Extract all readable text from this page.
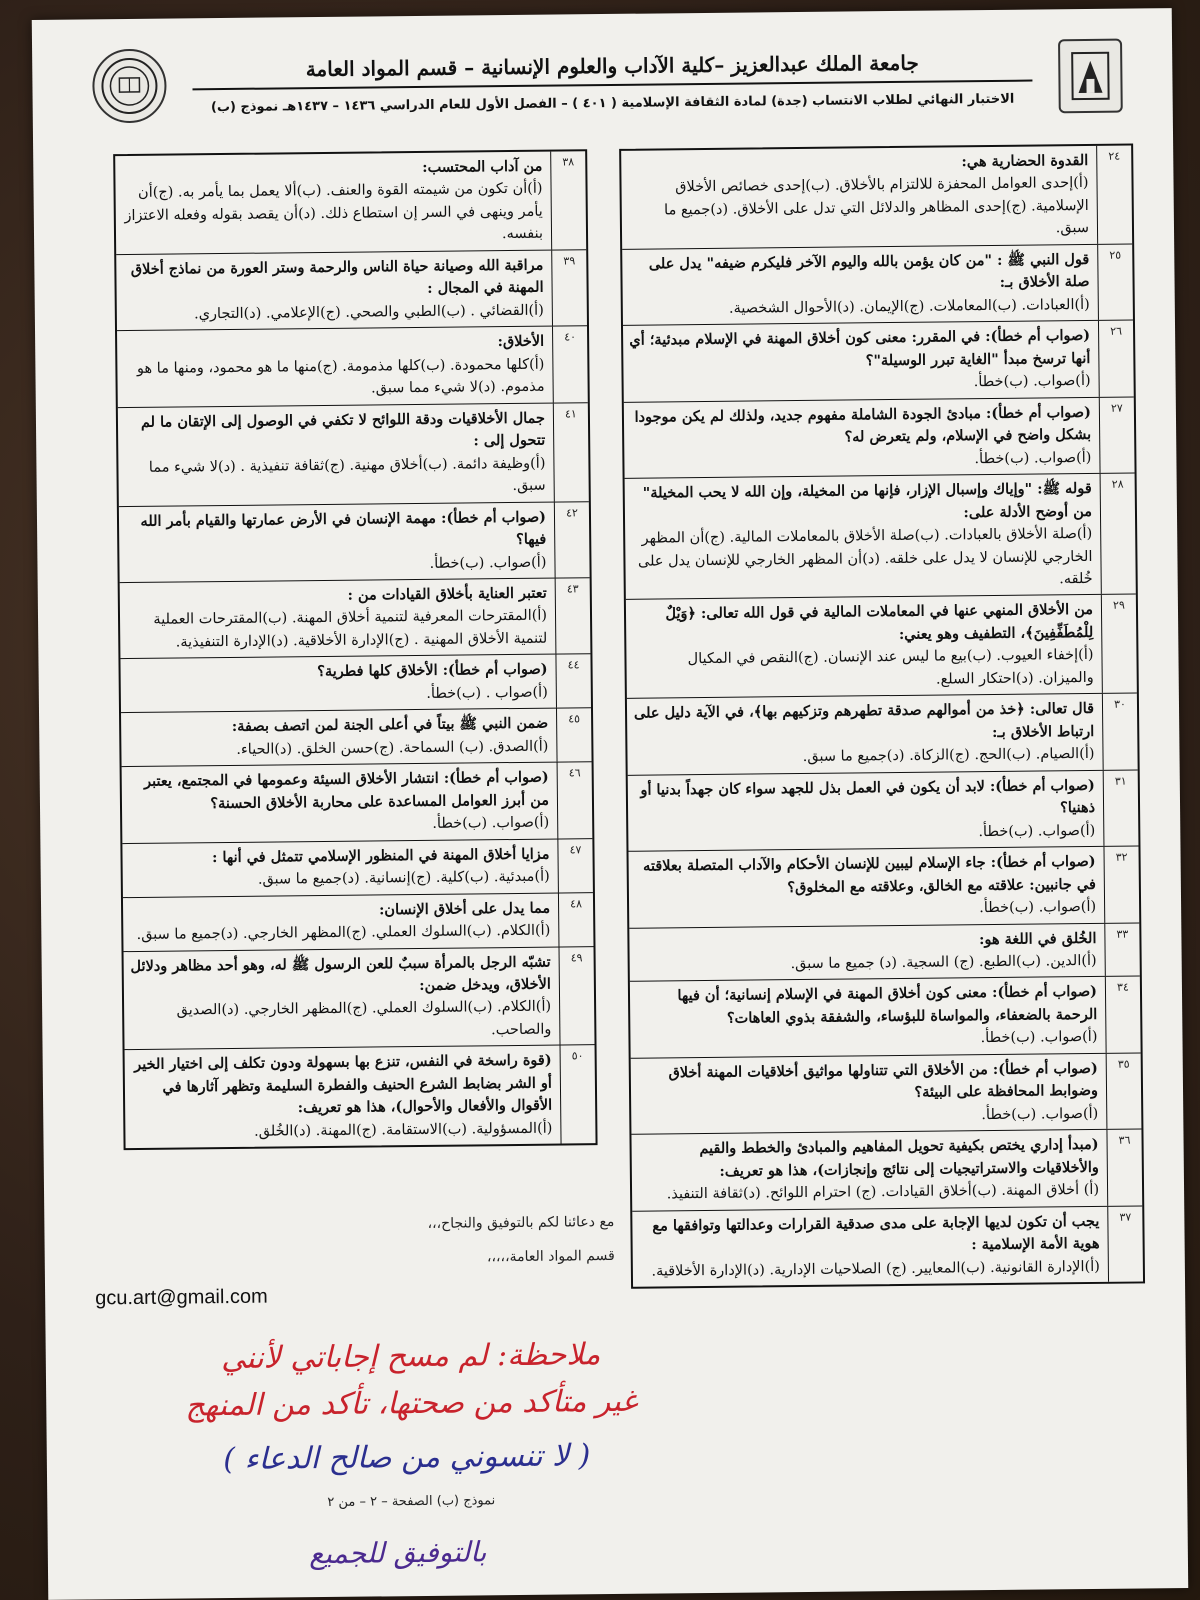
جامعة الملك عبدالعزيز –كلية الآداب والعلوم الإنسانية – قسم المواد العامة
الاختبار النهائي لطلاب الانتساب (جدة) لمادة الثقافة الإسلامية ( ٤٠١ ) – الفصل الأول للعام الدراسي ١٤٣٦ – ١٤٣٧هـ نموذج (ب)
٢٤
القدوة الحضارية هي:
(أ)إحدى العوامل المحفزة للالتزام بالأخلاق. (ب)إحدى خصائص الأخلاق الإسلامية. (ج)إحدى المظاهر والدلائل التي تدل على الأخلاق. (د)جميع ما سبق.
٢٥
قول النبي ﷺ : "من كان يؤمن بالله واليوم الآخر فليكرم ضيفه" يدل على صلة الأخلاق بـ:
(أ)العبادات. (ب)المعاملات. (ج)الإيمان. (د)الأحوال الشخصية.
٢٦
(صواب أم خطأ): في المقرر: معنى كون أخلاق المهنة في الإسلام مبدئية؛ أي أنها ترسخ مبدأ "الغاية تبرر الوسيلة"؟
(أ)صواب. (ب)خطأ.
٢٧
(صواب أم خطأ): مبادئ الجودة الشاملة مفهوم جديد، ولذلك لم يكن موجودا بشكل واضح في الإسلام، ولم يتعرض له؟
(أ)صواب. (ب)خطأ.
٢٨
قوله ﷺ: "وإياك وإسبال الإزار، فإنها من المخيلة، وإن الله لا يحب المخيلة" من أوضح الأدلة على:
(أ)صلة الأخلاق بالعبادات. (ب)صلة الأخلاق بالمعاملات المالية. (ج)أن المظهر الخارجي للإنسان لا يدل على خلقه. (د)أن المظهر الخارجي للإنسان يدل على خُلقه.
٢٩
من الأخلاق المنهي عنها في المعاملات المالية في قول الله تعالى: ﴿وَيْلٌ لِلْمُطَفِّفِينَ﴾، التطفيف وهو يعني:
(أ)إخفاء العيوب. (ب)بيع ما ليس عند الإنسان. (ج)النقص في المكيال والميزان. (د)احتكار السلع.
٣٠
قال تعالى: ﴿خذ من أموالهم صدقة تطهرهم وتزكيهم بها﴾، في الآية دليل على ارتباط الأخلاق بـ:
(أ)الصيام. (ب)الحج. (ج)الزكاة. (د)جميع ما سبق.
٣١
(صواب أم خطأ): لابد أن يكون في العمل بذل للجهد سواء كان جهداً بدنيا أو ذهنيا؟
(أ)صواب. (ب)خطأ.
٣٢
(صواب أم خطأ): جاء الإسلام ليبين للإنسان الأحكام والآداب المتصلة بعلاقته في جانبين: علاقته مع الخالق، وعلاقته مع المخلوق؟
(أ)صواب. (ب)خطأ.
٣٣
الخُلق في اللغة هو:
(أ)الدين. (ب)الطبع. (ج) السجية. (د) جميع ما سبق.
٣٤
(صواب أم خطأ): معنى كون أخلاق المهنة في الإسلام إنسانية؛ أن فيها الرحمة بالضعفاء، والمواساة للبؤساء، والشفقة بذوي العاهات؟
(أ)صواب. (ب)خطأ.
٣٥
(صواب أم خطأ): من الأخلاق التي تتناولها مواثيق أخلاقيات المهنة أخلاق وضوابط المحافظة على البيئة؟
(أ)صواب. (ب)خطأ.
٣٦
(مبدأ إداري يختص بكيفية تحويل المفاهيم والمبادئ والخطط والقيم والأخلاقيات والاستراتيجيات إلى نتائج وإنجازات)، هذا هو تعريف:
(أ) أخلاق المهنة. (ب)أخلاق القيادات. (ج) احترام اللوائح. (د)ثقافة التنفيذ.
٣٧
يجب أن تكون لديها الإجابة على مدى صدقية القرارات وعدالتها وتوافقها مع هوية الأمة الإسلامية :
(أ)الإدارة القانونية. (ب)المعايير. (ج) الصلاحيات الإدارية. (د)الإدارة الأخلاقية.
٣٨
من آداب المحتسب:
(أ)أن تكون من شيمته القوة والعنف. (ب)ألا يعمل بما يأمر به. (ج)أن يأمر وينهى في السر إن استطاع ذلك. (د)أن يقصد بقوله وفعله الاعتزاز بنفسه.
٣٩
مراقبة الله وصيانة حياة الناس والرحمة وستر العورة من نماذج أخلاق المهنة في المجال :
(أ)القضائي . (ب)الطبي والصحي. (ج)الإعلامي. (د)التجاري.
٤٠
الأخلاق:
(أ)كلها محمودة. (ب)كلها مذمومة. (ج)منها ما هو محمود، ومنها ما هو مذموم. (د)لا شيء مما سبق.
٤١
جمال الأخلاقيات ودقة اللوائح لا تكفي في الوصول إلى الإتقان ما لم تتحول إلى :
(أ)وظيفة دائمة. (ب)أخلاق مهنية. (ج)ثقافة تنفيذية . (د)لا شيء مما سبق.
٤٢
(صواب أم خطأ): مهمة الإنسان في الأرض عمارتها والقيام بأمر الله فيها؟
(أ)صواب. (ب)خطأ.
٤٣
تعتبر العناية بأخلاق القيادات من :
(أ)المقترحات المعرفية لتنمية أخلاق المهنة. (ب)المقترحات العملية لتنمية الأخلاق المهنية . (ج)الإدارة الأخلاقية. (د)الإدارة التنفيذية.
٤٤
(صواب أم خطأ): الأخلاق كلها فطرية؟
(أ)صواب . (ب)خطأ.
٤٥
ضمن النبي ﷺ بيتاً في أعلى الجنة لمن اتصف بصفة:
(أ)الصدق. (ب) السماحة. (ج)حسن الخلق. (د)الحياء.
٤٦
(صواب أم خطأ): انتشار الأخلاق السيئة وعمومها في المجتمع، يعتبر من أبرز العوامل المساعدة على محاربة الأخلاق الحسنة؟
(أ)صواب. (ب)خطأ.
٤٧
مزايا أخلاق المهنة في المنظور الإسلامي تتمثل في أنها :
(أ)مبدئية. (ب)كلية. (ج)إنسانية. (د)جميع ما سبق.
٤٨
مما يدل على أخلاق الإنسان:
(أ)الكلام. (ب)السلوك العملي. (ج)المظهر الخارجي. (د)جميع ما سبق.
٤٩
تشبّه الرجل بالمرأة سببٌ للعن الرسول ﷺ له، وهو أحد مظاهر ودلائل الأخلاق، ويدخل ضمن:
(أ)الكلام. (ب)السلوك العملي. (ج)المظهر الخارجي. (د)الصديق والصاحب.
٥٠
(قوة راسخة في النفس، تنزع بها بسهولة ودون تكلف إلى اختيار الخير أو الشر بضابط الشرع الحنيف والفطرة السليمة وتظهر آثارها في الأقوال والأفعال والأحوال)، هذا هو تعريف:
(أ)المسؤولية. (ب)الاستقامة. (ج)المهنة. (د)الخُلق.
مع دعائنا لكم بالتوفيق والنجاح،،،
قسم المواد العامة،،،،،
gcu.art@gmail.com
ملاحظة: لم مسح إجاباتي لأنني
غير متأكد من صحتها، تأكد من المنهج
( لا تنسوني من صالح الدعاء )
نموذج (ب) الصفحة – ٢ – من ٢
بالتوفيق للجميع
